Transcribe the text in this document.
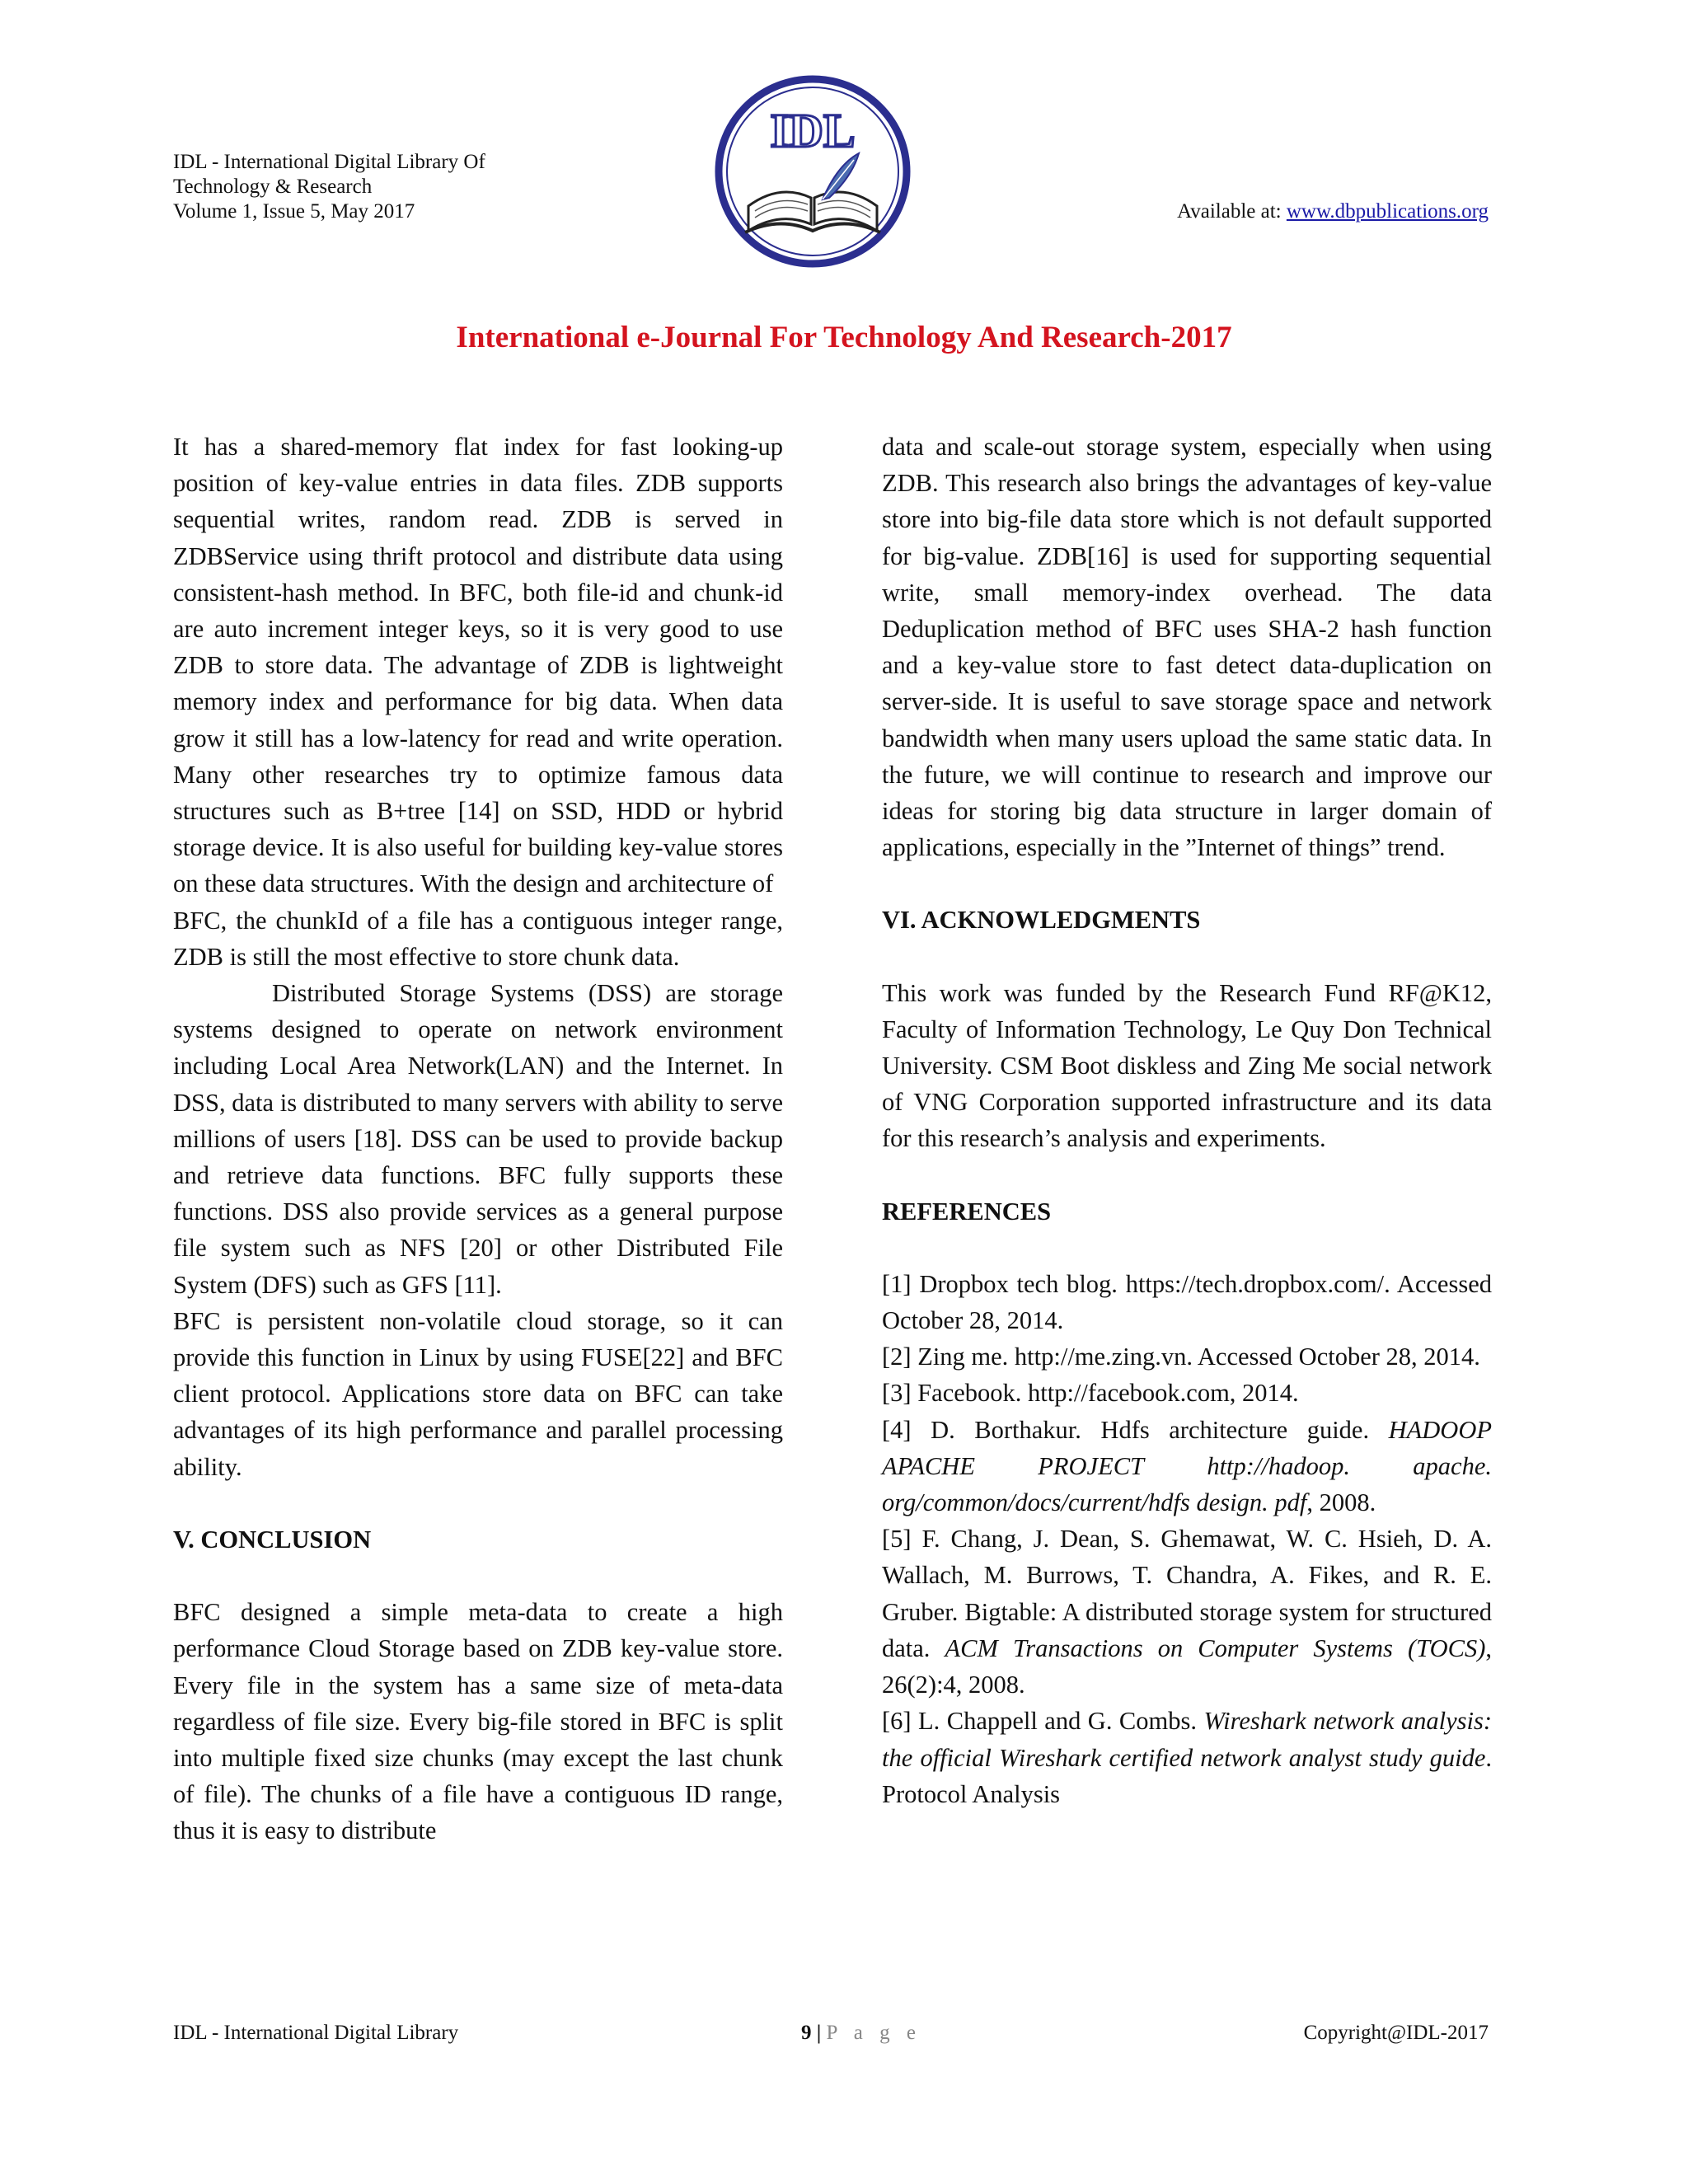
IDL - International Digital Library Of
Technology & Research
Volume 1, Issue 5, May 2017	Available at: www.dbpublications.org
IDL
International e-Journal For Technology And Research-2017

It has a shared-memory flat index for fast looking-up position of key-value entries in data files. ZDB supports sequential writes, random read. ZDB is served in ZDBService using thrift protocol and distribute data using consistent-hash method. In BFC, both file-id and chunk-id are auto increment integer keys, so it is very good to use ZDB to store data. The advantage of ZDB is lightweight memory index and performance for big data. When data grow it still has a low-latency for read and write operation. Many other researches try to optimize famous data structures such as B+tree [14] on SSD, HDD or hybrid storage device. It is also useful for building key-value stores on these data structures. With the design and architecture of

BFC, the chunkId of a file has a contiguous integer range, ZDB is still the most effective to store chunk data.

Distributed Storage Systems (DSS) are storage systems designed to operate on network environment including Local Area Network(LAN) and the Internet. In DSS, data is distributed to many servers with ability to serve millions of users [18]. DSS can be used to provide backup and retrieve data functions. BFC fully supports these functions. DSS also provide services as a general purpose file system such as NFS [20] or other Distributed File System (DFS) such as GFS [11].

BFC is persistent non-volatile cloud storage, so it can provide this function in Linux by using FUSE[22] and BFC client protocol. Applications store data on BFC can take advantages of its high performance and parallel processing ability.

V. CONCLUSION

BFC designed a simple meta-data to create a high performance Cloud Storage based on ZDB key-value store. Every file in the system has a same size of meta-data regardless of file size. Every big-file stored in BFC is split into multiple fixed size chunks (may except the last chunk of file). The chunks of a file have a contiguous ID range, thus it is easy to distribute

data and scale-out storage system, especially when using ZDB. This research also brings the advantages of key-value store into big-file data store which is not default supported for big-value. ZDB[16] is used for supporting sequential write, small memory-index overhead. The data Deduplication method of BFC uses SHA-2 hash function and a key-value store to fast detect data-duplication on server-side. It is useful to save storage space and network bandwidth when many users upload the same static data. In the future, we will continue to research and improve our ideas for storing big data structure in larger domain of applications, especially in the ”Internet of things” trend.

VI. ACKNOWLEDGMENTS

This work was funded by the Research Fund RF@K12, Faculty of Information Technology, Le Quy Don Technical University. CSM Boot diskless and Zing Me social network of VNG Corporation supported infrastructure and its data for this research’s analysis and experiments.

REFERENCES

[1] Dropbox tech blog. https://tech.dropbox.com/. Accessed October 28, 2014.

[2] Zing me. http://me.zing.vn. Accessed October 28, 2014.

[3] Facebook. http://facebook.com, 2014.

[4] D. Borthakur. Hdfs architecture guide. HADOOP APACHE PROJECT	http://hadoop. apache. org/common/docs/current/hdfs design. pdf, 2008.

[5] F. Chang, J. Dean, S. Ghemawat, W. C. Hsieh, D. A. Wallach, M. Burrows, T. Chandra, A. Fikes, and R. E. Gruber. Bigtable: A distributed storage system for structured data. ACM Transactions on Computer Systems (TOCS), 26(2):4, 2008.

[6] L. Chappell and G. Combs. Wireshark network analysis: the official Wireshark certified network analyst study guide. Protocol Analysis

IDL - International Digital Library	9 | P a g e	Copyright@IDL-2017
